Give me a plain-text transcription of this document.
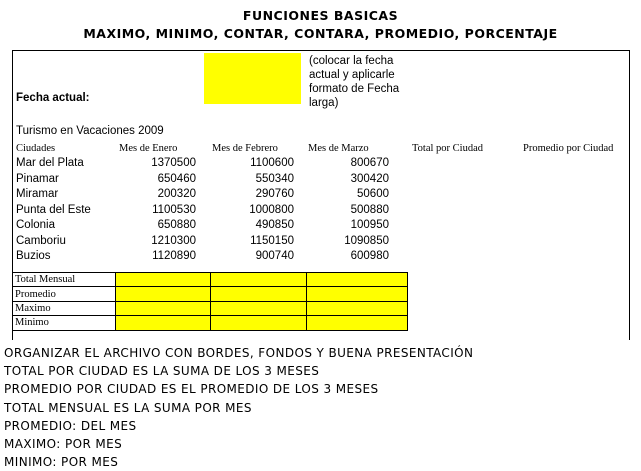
FUNCIONES BASICAS
MAXIMO, MINIMO, CONTAR, CONTARA, PROMEDIO, PORCENTAJE
(colocar la fecha
actual y aplicarle
formato de Fecha
larga)
Fecha actual:
Turismo en Vacaciones 2009
Ciudades	Mes de Enero	Mes de Febrero	Mes de Marzo	Total por Ciudad	Promedio por Ciudad
Mar del Plata	1370500	1100600	800670
Pinamar	650460	550340	300420
Miramar	200320	290760	50600
Punta del Este	1100530	1000800	500880
Colonia	650880	490850	100950
Camboriu	1210300	1150150	1090850
Buzios	1120890	900740	600980
Total Mensual			
Promedio			
Maximo			
Minimo			
ORGANIZAR EL ARCHIVO CON BORDES, FONDOS Y BUENA PRESENTACIÓN
TOTAL POR CIUDAD ES LA SUMA DE LOS 3 MESES
PROMEDIO POR CIUDAD ES EL PROMEDIO DE LOS 3 MESES
TOTAL MENSUAL ES LA SUMA POR MES
PROMEDIO: DEL MES
MAXIMO: POR MES
MINIMO: POR MES
